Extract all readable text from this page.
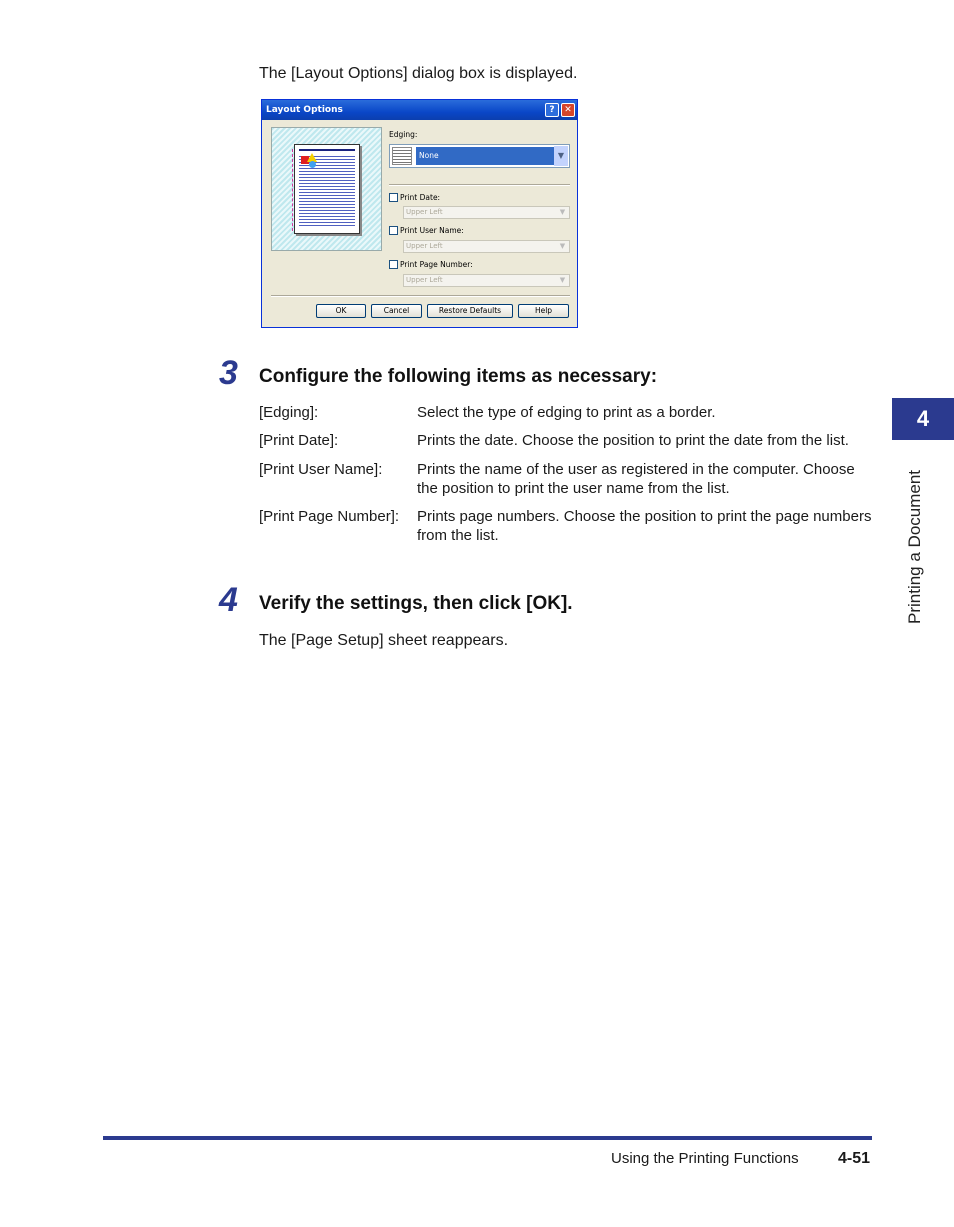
The [Layout Options] dialog box is displayed.
Layout Options	?	✕
Edging:
None	▼
Print Date:
Upper Left	▼
Print User Name:
Upper Left	▼
Print Page Number:
Upper Left	▼
OK	Cancel	Restore Defaults	Help
3 Configure the following items as necessary:
[Edging]:	Select the type of edging to print as a border.
[Print Date]:	Prints the date. Choose the position to print the date from the list.
[Print User Name]: Prints the name of the user as registered in the computer. Choose the position to print the user name from the list.
[Print Page Number]: Prints page numbers. Choose the position to print the page numbers from the list.
4 Verify the settings, then click [OK].
The [Page Setup] sheet reappears.
4
Printing a Document
Using the Printing Functions 4-51
